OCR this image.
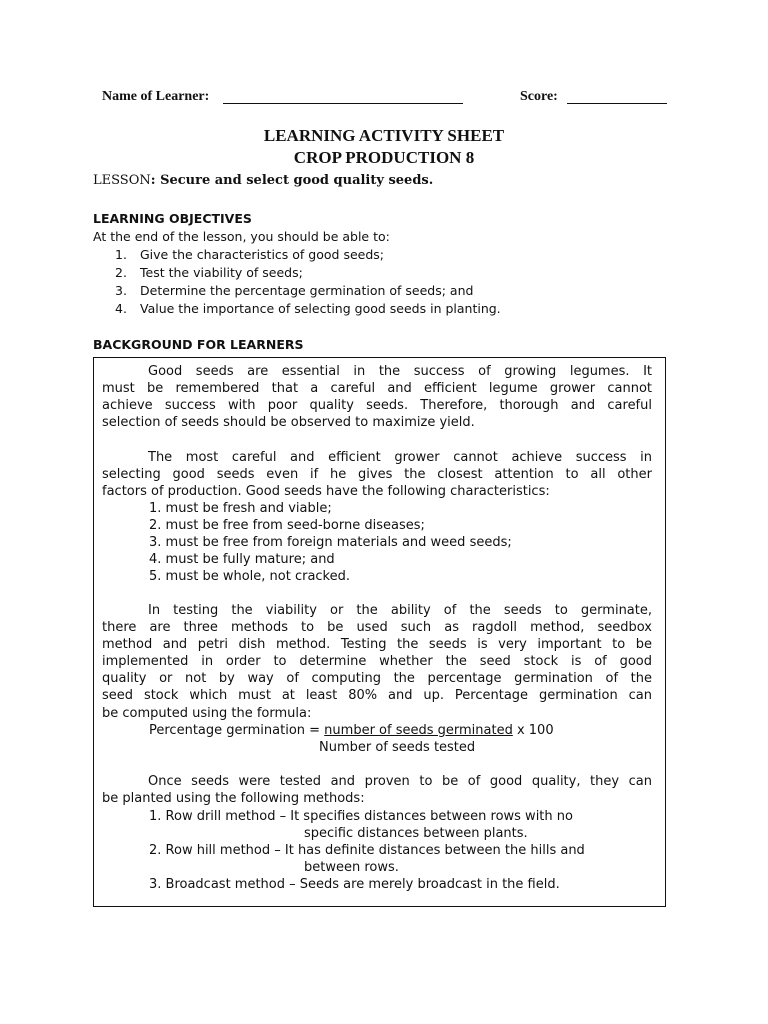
Name of Learner:	Score:
LEARNING ACTIVITY SHEET
CROP PRODUCTION 8
LESSON: Secure and select good quality seeds.
LEARNING OBJECTIVES
At the end of the lesson, you should be able to:
1. Give the characteristics of good seeds;
2. Test the viability of seeds;
3. Determine the percentage germination of seeds; and
4. Value the importance of selecting good seeds in planting.
BACKGROUND FOR LEARNERS
Good seeds are essential in the success of growing legumes. It
must be remembered that a careful and efficient legume grower cannot
achieve success with poor quality seeds. Therefore, thorough and careful
selection of seeds should be observed to maximize yield.
The most careful and efficient grower cannot achieve success in
selecting good seeds even if he gives the closest attention to all other
factors of production. Good seeds have the following characteristics:
1. must be fresh and viable;
2. must be free from seed-borne diseases;
3. must be free from foreign materials and weed seeds;
4. must be fully mature; and
5. must be whole, not cracked.
In testing the viability or the ability of the seeds to germinate,
there are three methods to be used such as ragdoll method, seedbox
method and petri dish method. Testing the seeds is very important to be
implemented in order to determine whether the seed stock is of good
quality or not by way of computing the percentage germination of the
seed stock which must at least 80% and up. Percentage germination can
be computed using the formula:
Percentage germination = number of seeds germinated x 100
Number of seeds tested
Once seeds were tested and proven to be of good quality, they can
be planted using the following methods:
1. Row drill method – It specifies distances between rows with no
specific distances between plants.
2. Row hill method – It has definite distances between the hills and
between rows.
3. Broadcast method – Seeds are merely broadcast in the field.
